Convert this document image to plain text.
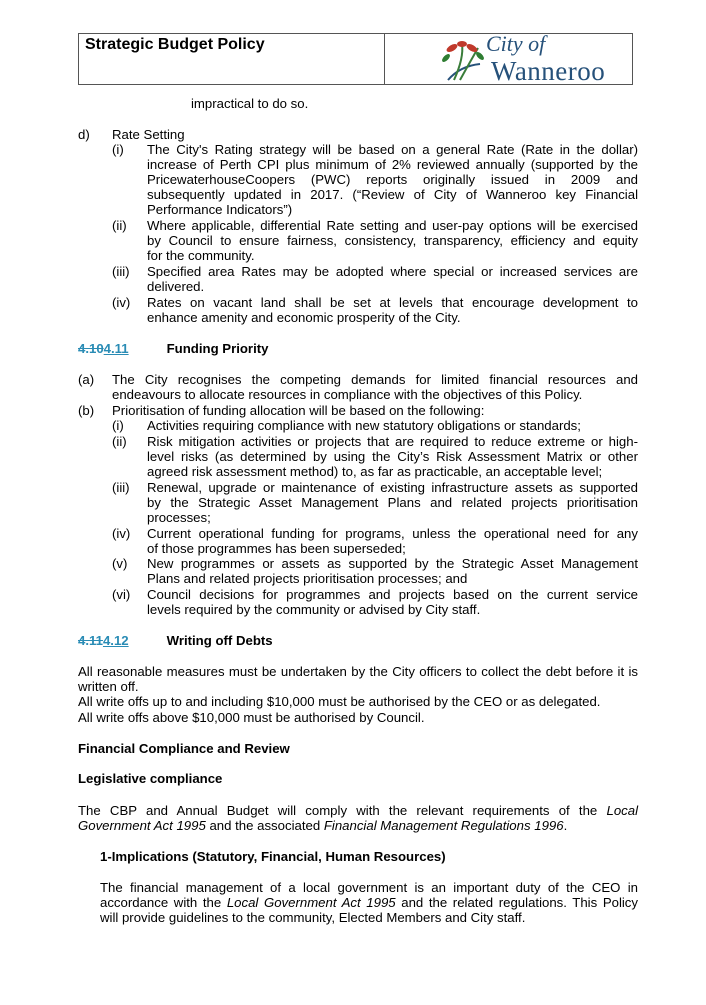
Strategic Budget Policy	City of
Wanneroo
impractical to do so.
d) Rate Setting
(i) The City's Rating strategy will be based on a general Rate (Rate in the dollar)
increase of Perth CPI plus minimum of 2% reviewed annually (supported by the
PricewaterhouseCoopers (PWC) reports originally issued in 2009 and
subsequently updated in 2017. (“Review of City of Wanneroo key Financial
Performance Indicators”)
(ii) Where applicable, differential Rate setting and user-pay options will be exercised
by Council to ensure fairness, consistency, transparency, efficiency and equity
for the community.
(iii) Specified area Rates may be adopted where special or increased services are
delivered.
(iv) Rates on vacant land shall be set at levels that encourage development to
enhance amenity and economic prosperity of the City.
4.104.11	Funding Priority
(a) The City recognises the competing demands for limited financial resources and
endeavours to allocate resources in compliance with the objectives of this Policy.
(b) Prioritisation of funding allocation will be based on the following:
(i) Activities requiring compliance with new statutory obligations or standards;
(ii) Risk mitigation activities or projects that are required to reduce extreme or high-
level risks (as determined by using the City’s Risk Assessment Matrix or other
agreed risk assessment method) to, as far as practicable, an acceptable level;
(iii) Renewal, upgrade or maintenance of existing infrastructure assets as supported
by the Strategic Asset Management Plans and related projects prioritisation
processes;
(iv) Current operational funding for programs, unless the operational need for any
of those programmes has been superseded;
(v) New programmes or assets as supported by the Strategic Asset Management
Plans and related projects prioritisation processes; and
(vi) Council decisions for programmes and projects based on the current service
levels required by the community or advised by City staff.
4.114.12	Writing off Debts
All reasonable measures must be undertaken by the City officers to collect the debt before it is
written off.
All write offs up to and including $10,000 must be authorised by the CEO or as delegated.
All write offs above $10,000 must be authorised by Council.
Financial Compliance and Review
Legislative compliance
The CBP and Annual Budget will comply with the relevant requirements of the Local
Government Act 1995 and the associated Financial Management Regulations 1996.
1-Implications (Statutory, Financial, Human Resources)
The financial management of a local government is an important duty of the CEO in
accordance with the Local Government Act 1995 and the related regulations. This Policy
will provide guidelines to the community, Elected Members and City staff.
